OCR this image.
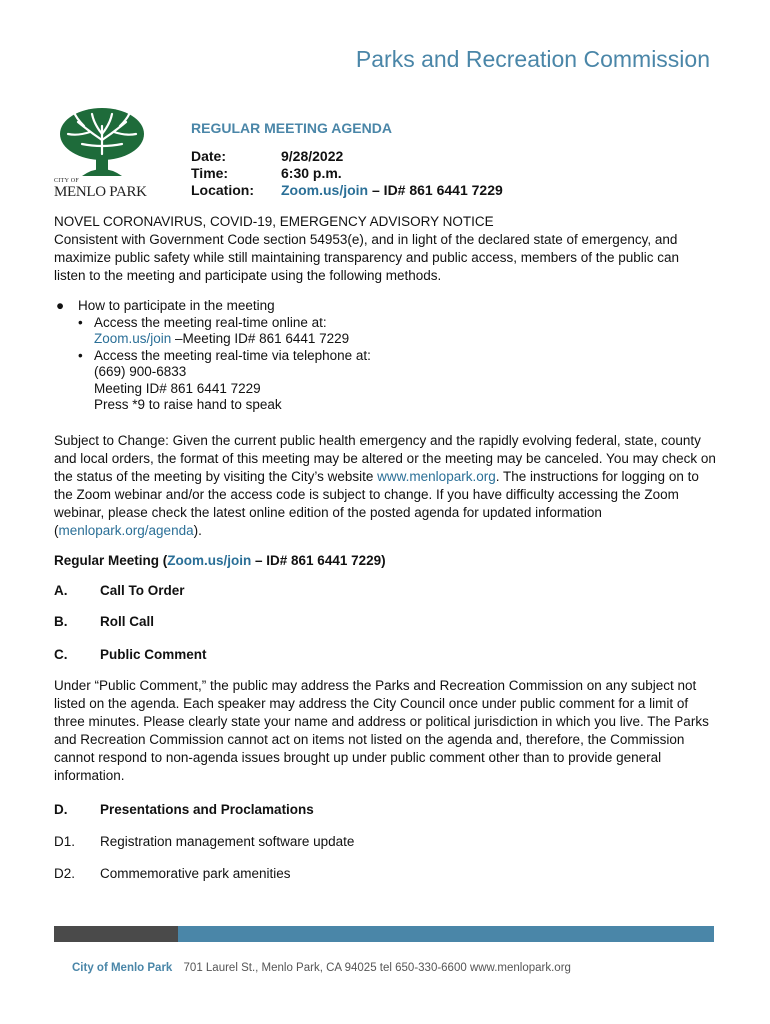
Parks and Recreation Commission
CITY OF
MENLO PARK
REGULAR MEETING AGENDA
Date:	9/28/2022
Time:	6:30 p.m.
Location:	Zoom.us/join – ID# 861 6441 7229
NOVEL CORONAVIRUS, COVID-19, EMERGENCY ADVISORY NOTICE
Consistent with Government Code section 54953(e), and in light of the declared state of emergency, and maximize public safety while still maintaining transparency and public access, members of the public can listen to the meeting and participate using the following methods.
● How to participate in the meeting
• Access the meeting real-time online at:
Zoom.us/join –Meeting ID# 861 6441 7229
• Access the meeting real-time via telephone at:
(669) 900-6833
Meeting ID# 861 6441 7229
Press *9 to raise hand to speak
Subject to Change: Given the current public health emergency and the rapidly evolving federal, state, county and local orders, the format of this meeting may be altered or the meeting may be canceled. You may check on the status of the meeting by visiting the City’s website www.menlopark.org. The instructions for logging on to the Zoom webinar and/or the access code is subject to change. If you have difficulty accessing the Zoom webinar, please check the latest online edition of the posted agenda for updated information (menlopark.org/agenda).
Regular Meeting (Zoom.us/join – ID# 861 6441 7229)
A.	Call To Order
B.	Roll Call
C.	Public Comment
Under “Public Comment,” the public may address the Parks and Recreation Commission on any subject not listed on the agenda. Each speaker may address the City Council once under public comment for a limit of three minutes. Please clearly state your name and address or political jurisdiction in which you live. The Parks and Recreation Commission cannot act on items not listed on the agenda and, therefore, the Commission cannot respond to non-agenda issues brought up under public comment other than to provide general information.
D.	Presentations and Proclamations
D1.	Registration management software update
D2.	Commemorative park amenities
City of Menlo Park 701 Laurel St., Menlo Park, CA 94025 tel 650-330-6600 www.menlopark.org
